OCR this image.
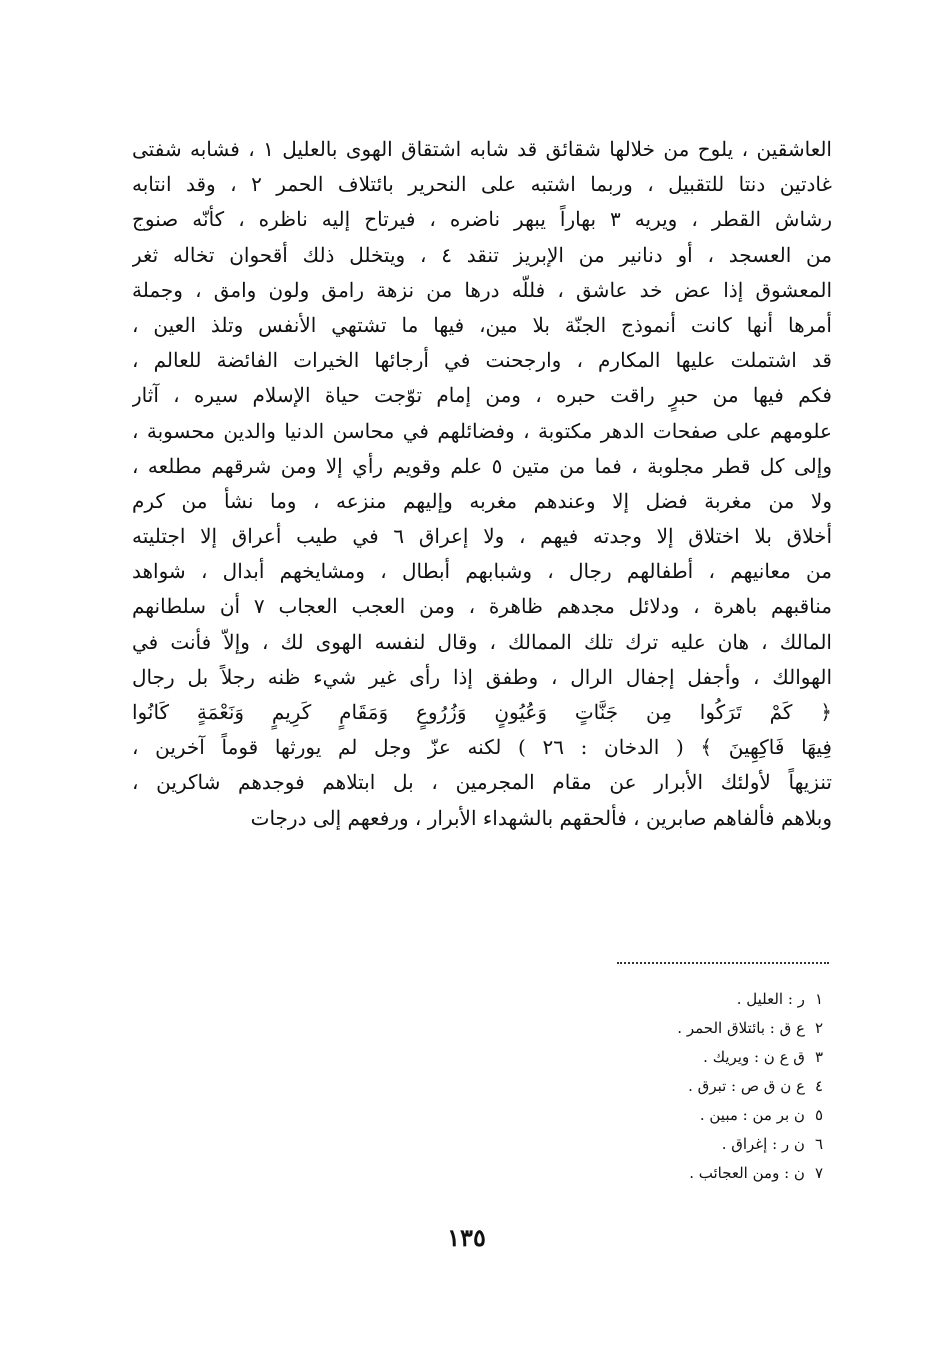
العاشقين ، يلوح من خلالها شقائق قد شابه اشتقاق الهوى بالعليل ١ ، فشابه شفتى
غادتين دنتا للتقبيل ، وربما اشتبه على النحرير بائتلاف الحمر ٢ ، وقد انتابه
رشاش القطر ، ويريه ٣ بهاراً يبهر ناضره ، فيرتاح إليه ناظره ، كأنّه صنوج
من العسجد ، أو دنانير من الإبريز تنقد ٤ ، ويتخلل ذلك أقحوان تخاله ثغر
المعشوق إذا عض خد عاشق ، فللّه درها من نزهة رامق ولون وامق ، وجملة
أمرها أنها كانت أنموذج الجنّة بلا مين، فيها ما تشتهي الأنفس وتلذ العين ،
قد اشتملت عليها المكارم ، وارجحنت في أرجائها الخيرات الفائضة للعالم ،
فكم فيها من حبرٍ راقت حبره ، ومن إمام توّجت حياة الإسلام سيره ، آثار
علومهم على صفحات الدهر مكتوبة ، وفضائلهم في محاسن الدنيا والدين محسوبة ،
وإلى كل قطر مجلوبة ، فما من متين ٥ علم وقويم رأي إلا ومن شرقهم مطلعه ،
ولا من مغربة فضل إلا وعندهم مغربه وإليهم منزعه ، وما نشأ من كرم
أخلاق بلا اختلاق إلا وجدته فيهم ، ولا إعراق ٦ في طيب أعراق إلا اجتليته
من معانيهم ، أطفالهم رجال ، وشبابهم أبطال ، ومشايخهم أبدال ، شواهد
مناقبهم باهرة ، ودلائل مجدهم ظاهرة ، ومن العجب العجاب ٧ أن سلطانهم
المالك ، هان عليه ترك تلك الممالك ، وقال لنفسه الهوى لك ، وإلاّ فأنت في
الهوالك ، وأجفل إجفال الرال ، وطفق إذا رأى غير شيء ظنه رجلاً بل رجال
﴿ كَمْ تَرَكُوا مِن جَنَّاتٍ وَعُيُونٍ وَزُرُوعٍ وَمَقَامٍ كَرِيمٍ وَنَعْمَةٍ كَانُوا
فِيهَا فَاكِهِينَ ﴾ ( الدخان : ٢٦ ) لكنه عزّ وجل لم يورثها قوماً آخرين ،
تنزيهاً لأولئك الأبرار عن مقام المجرمين ، بل ابتلاهم فوجدهم شاكرين ،
وبلاهم فألفاهم صابرين ، فألحقهم بالشهداء الأبرار ، ورفعهم إلى درجات
١ر : العليل .
٢ع ق : بائتلاق الحمر .
٣ق ع ن : ويريك .
٤ع ن ق ص : تبرق .
٥ن بر من : مبين .
٦ن ر : إغراق .
٧ن : ومن العجائب .
١٣٥
